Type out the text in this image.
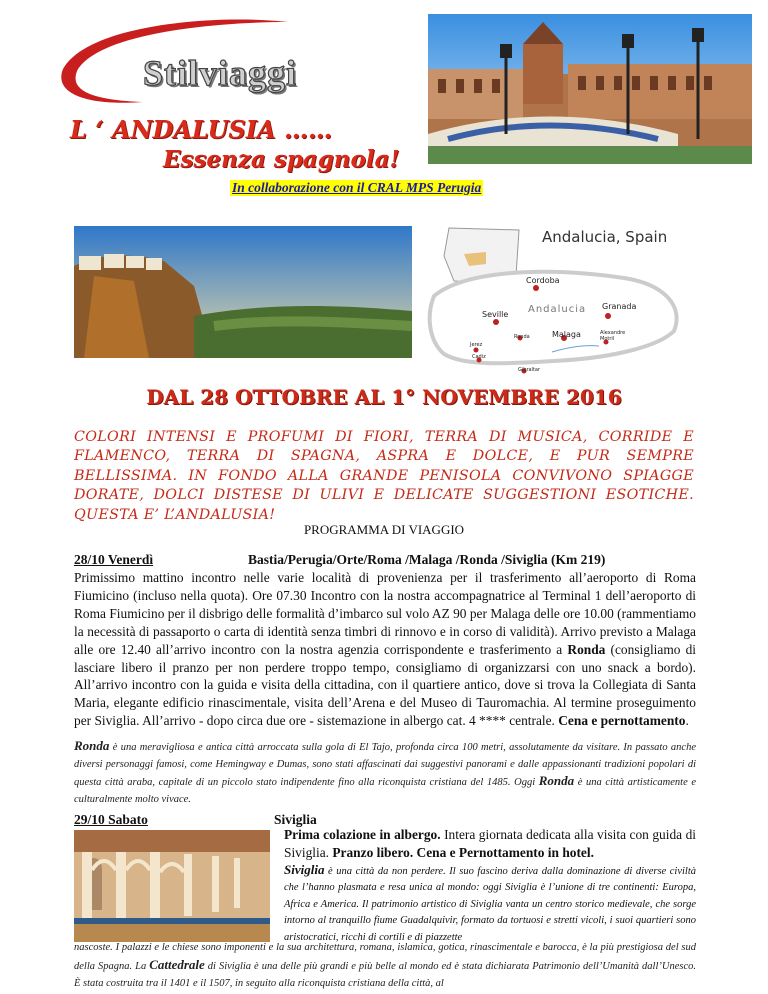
Stilviaggi
L ‘ ANDALUSIA ……
Essenza spagnola!
In collaborazione con il CRAL MPS Perugia
Andalucia, Spain
Andalucia
Cordoba
Seville
Granada
Ronda	Malaga
Jerez
Cadiz
Gibraltar
Alexandre Motril
DAL 28 OTTOBRE AL 1° NOVEMBRE 2016
COLORI INTENSI E PROFUMI DI FIORI, TERRA DI MUSICA, CORRIDE E FLAMENCO, TERRA DI SPAGNA, ASPRA E DOLCE, E PUR SEMPRE BELLISSIMA. IN FONDO ALLA GRANDE PENISOLA CONVIVONO SPIAGGE DORATE, DOLCI DISTESE DI ULIVI E DELICATE SUGGESTIONI ESOTICHE. QUESTA E’ L’ANDALUSIA!
PROGRAMMA DI VIAGGIO
28/10 Venerdì	Bastia/Perugia/Orte/Roma /Malaga /Ronda /Siviglia (Km 219)
Primissimo mattino incontro nelle varie località di provenienza per il trasferimento all’aeroporto di Roma Fiumicino (incluso nella quota). Ore 07.30 Incontro con la nostra accompagnatrice al Terminal 1 dell’aeroporto di Roma Fiumicino per il disbrigo delle formalità d’imbarco sul volo AZ 90 per Malaga delle ore 10.00 (rammentiamo la necessità di passaporto o carta di identità senza timbri di rinnovo e in corso di validità). Arrivo previsto a Malaga alle ore 12.40 all’arrivo incontro con la nostra agenzia corrispondente e trasferimento a Ronda (consigliamo di lasciare libero il pranzo per non perdere troppo tempo, consigliamo di organizzarsi con uno snack a bordo). All’arrivo incontro con la guida e visita della cittadina, con il quartiere antico, dove si trova la Collegiata di Santa Maria, elegante edificio rinascimentale, visita dell’Arena e del Museo di Tauromachia. Al termine proseguimento per Siviglia. All’arrivo - dopo circa due ore - sistemazione in albergo cat. 4 **** centrale. Cena e pernottamento.
Ronda è una meravigliosa e antica città arroccata sulla gola di El Tajo, profonda circa 100 metri, assolutamente da visitare. In passato anche diversi personaggi famosi, come Hemingway e Dumas, sono stati affascinati dai suggestivi panorami e dalle appassionanti tradizioni popolari di questa città araba, capitale di un piccolo stato indipendente fino alla riconquista cristiana del 1485. Oggi Ronda è una città artisticamente e culturalmente molto vivace.
29/10 Sabato	Siviglia
Prima colazione in albergo. Intera giornata dedicata alla visita con guida di Siviglia. Pranzo libero. Cena e Pernottamento in hotel.
Siviglia è una città da non perdere. Il suo fascino deriva dalla dominazione di diverse civiltà che l’hanno plasmata e resa unica al mondo: oggi Siviglia è l’unione di tre continenti: Europa, Africa e America. Il patrimonio artistico di Siviglia vanta un centro storico medievale, che sorge intorno al tranquillo fiume Guadalquivir, formato da tortuosi e stretti vicoli, i suoi quartieri sono aristocratici, ricchi di cortili e di piazzette
nascoste. I palazzi e le chiese sono imponenti e la sua architettura, romana, islamica, gotica, rinascimentale e barocca, è la più prestigiosa del sud della Spagna. La Cattedrale di Siviglia è una delle più grandi e più belle al mondo ed è stata dichiarata Patrimonio dell’Umanità dall’Unesco. È stata costruita tra il 1401 e il 1507, in seguito alla riconquista cristiana della città, al
